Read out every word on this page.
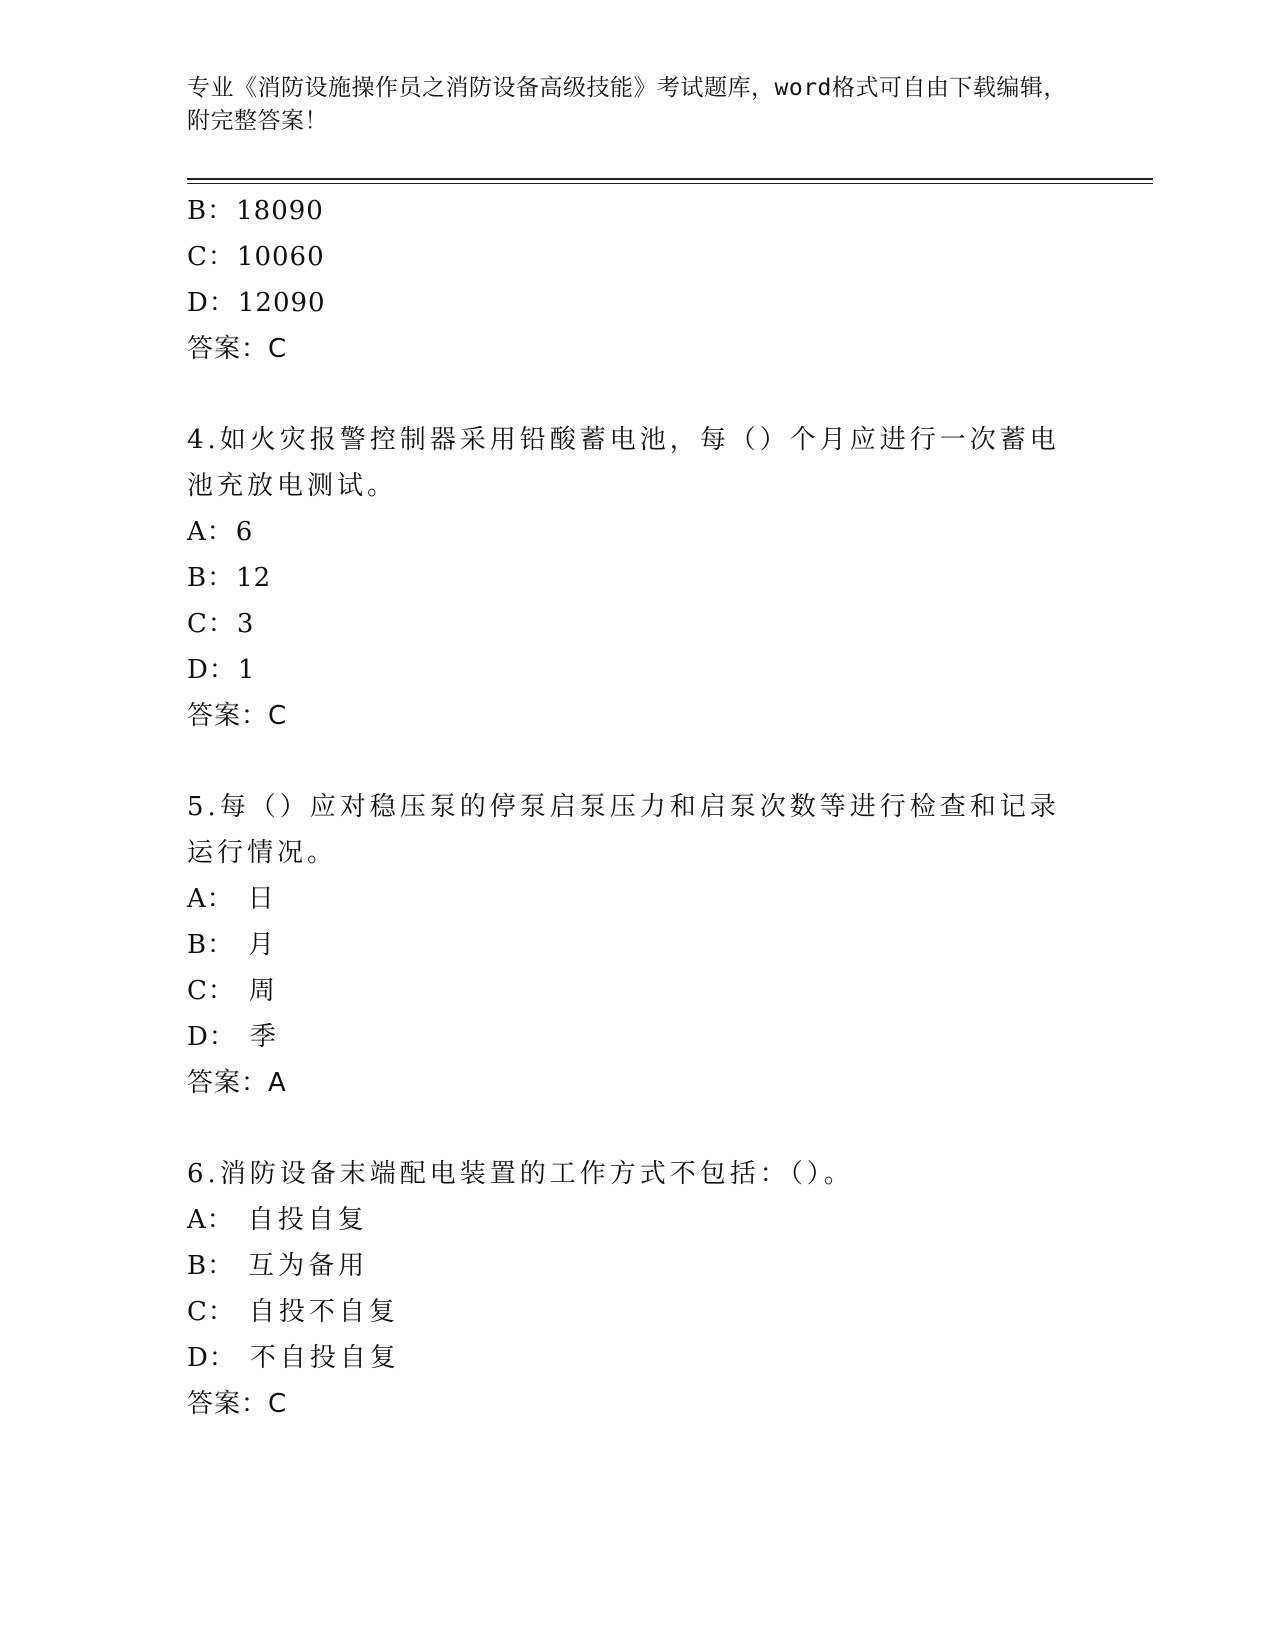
专业《消防设施操作员之消防设备高级技能》考试题库，word格式可自由下载编辑，附完整答案！
B：18090
C：10060
D：12090
答案：C
4.如火灾报警控制器采用铅酸蓄电池，每（）个月应进行一次蓄电池充放电测试。
A：6
B：12
C：3
D：1
答案：C
5.每（）应对稳压泵的停泵启泵压力和启泵次数等进行检查和记录运行情况。
A： 日
B： 月
C： 周
D： 季
答案：A
6.消防设备末端配电装置的工作方式不包括：（）。
A： 自投自复
B： 互为备用
C： 自投不自复
D： 不自投自复
答案：C
